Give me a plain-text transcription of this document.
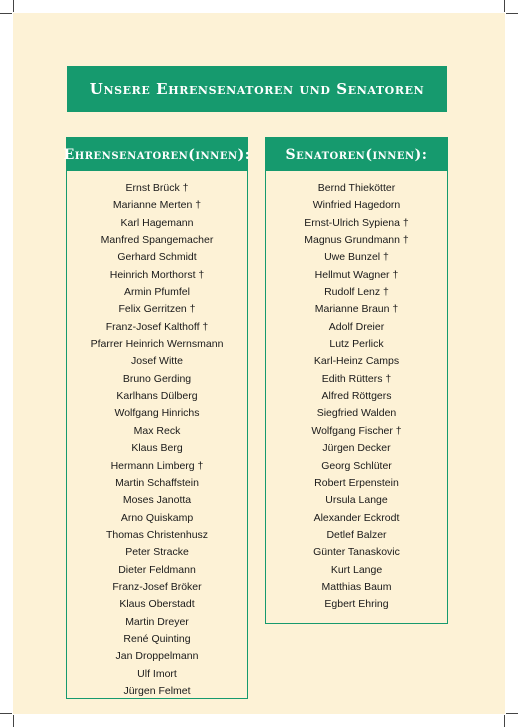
Unsere Ehrensenatoren und Senatoren
Ehrensenatoren(innen):
Ernst Brück †
Marianne Merten †
Karl Hagemann
Manfred Spangemacher
Gerhard Schmidt
Heinrich Morthorst †
Armin Pfumfel
Felix Gerritzen †
Franz-Josef Kalthoff †
Pfarrer Heinrich Wernsmann
Josef Witte
Bruno Gerding
Karlhans Dülberg
Wolfgang Hinrichs
Max Reck
Klaus Berg
Hermann Limberg †
Martin Schaffstein
Moses Janotta
Arno Quiskamp
Thomas Christenhusz
Peter Stracke
Dieter Feldmann
Franz-Josef Bröker
Klaus Oberstadt
Martin Dreyer
René Quinting
Jan Droppelmann
Ulf Imort
Jürgen Felmet
Senatoren(innen):
Bernd Thiekötter
Winfried Hagedorn
Ernst-Ulrich Sypiena †
Magnus Grundmann †
Uwe Bunzel †
Hellmut Wagner †
Rudolf Lenz †
Marianne Braun †
Adolf Dreier
Lutz Perlick
Karl-Heinz Camps
Edith Rütters †
Alfred Röttgers
Siegfried Walden
Wolfgang Fischer †
Jürgen Decker
Georg Schlüter
Robert Erpenstein
Ursula Lange
Alexander Eckrodt
Detlef Balzer
Günter Tanaskovic
Kurt Lange
Matthias Baum
Egbert Ehring
